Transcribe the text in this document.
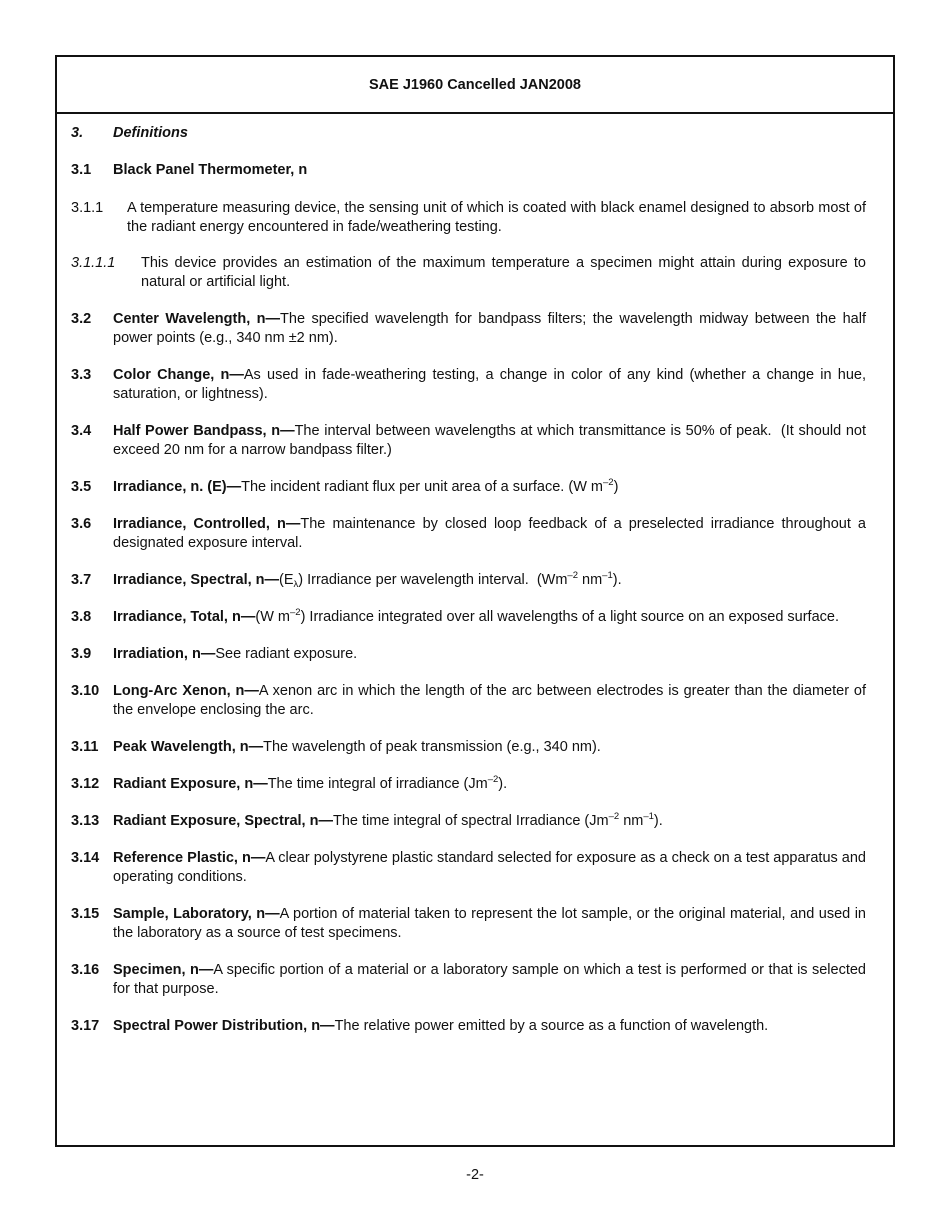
SAE J1960 Cancelled JAN2008
3.	Definitions
3.1	Black Panel Thermometer, n
3.1.1	A temperature measuring device, the sensing unit of which is coated with black enamel designed to absorb most of the radiant energy encountered in fade/weathering testing.
3.1.1.1	This device provides an estimation of the maximum temperature a specimen might attain during exposure to natural or artificial light.
3.2	Center Wavelength, n—The specified wavelength for bandpass filters; the wavelength midway between the half power points (e.g., 340 nm ±2 nm).
3.3	Color Change, n—As used in fade-weathering testing, a change in color of any kind (whether a change in hue, saturation, or lightness).
3.4	Half Power Bandpass, n—The interval between wavelengths at which transmittance is 50% of peak.  (It should not exceed 20 nm for a narrow bandpass filter.)
3.5	Irradiance, n. (E)—The incident radiant flux per unit area of a surface. (W $m^{-2}$)
3.6	Irradiance, Controlled, n—The maintenance by closed loop feedback of a preselected irradiance throughout a designated exposure interval.
3.7	Irradiance, Spectral, $n—(E_\lambda)$ Irradiance per wavelength interval.  ($Wm^{-2}$ $nm^{-1}$).
3.8	Irradiance, Total, n—(W $m^{-2}$) Irradiance integrated over all wavelengths of a light source on an exposed surface.
3.9	Irradiation, n—See radiant exposure.
3.10 Long-Arc Xenon, n—A xenon arc in which the length of the arc between electrodes is greater than the diameter of the envelope enclosing the arc.
3.11	Peak Wavelength, n—The wavelength of peak transmission (e.g., 340 nm).
3.12 Radiant Exposure, n—The time integral of irradiance $(Jm^{-2})$.
3.13 Radiant Exposure, Spectral, n—The time integral of spectral Irradiance ($Jm^{-2}$ $nm^{-1}$).
3.14 Reference Plastic, n—A clear polystyrene plastic standard selected for exposure as a check on a test apparatus and operating conditions.
3.15 Sample, Laboratory, n—A portion of material taken to represent the lot sample, or the original material, and used in the laboratory as a source of test specimens.
3.16 Specimen, n—A specific portion of a material or a laboratory sample on which a test is performed or that is selected for that purpose.
3.17 Spectral Power Distribution, n—The relative power emitted by a source as a function of wavelength.
-2-
